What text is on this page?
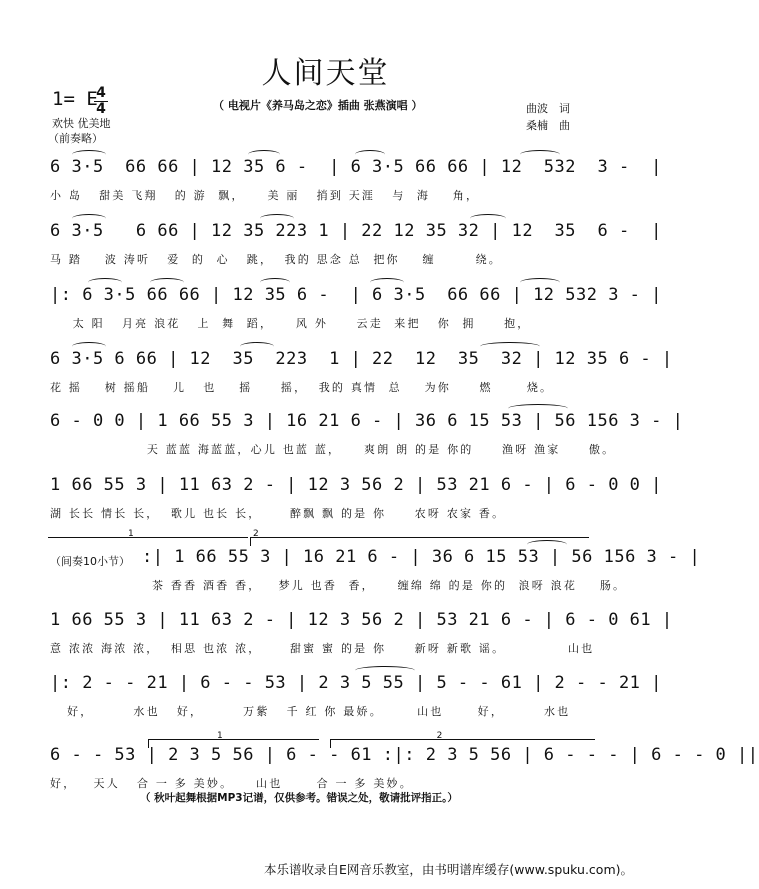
人间天堂
1= E
4
4
欢快 优美地
（前奏略）
（ 电视片《养马岛之恋》插曲 张燕演唱 ）	曲波　词
桑楠　曲
6 3·5  66 66 | 12 35 6 -  | 6 3·5 66 66 | 12  532  3 -  |
小 岛   甜美 飞翔   的 游  飘，    美 丽   捎到 天涯   与  海    角，
6 3·5   6 66 | 12 35 223 1 | 22 12 35 32 | 12  35  6 -  |
马 踏    波 涛听   爱  的  心   跳，  我的 思念 总  把你    缠       绕。
|: 6 3·5 66 66 | 12 35 6 -  | 6 3·5  66 66 | 12 532 3 - |
太 阳   月亮 浪花   上  舞  蹈，    风 外     云走  来把   你  拥     抱，
6 3·5 6 66 | 12  35  223  1 | 22  12  35  32 | 12 35 6 - |
花 摇    树 摇船    儿   也    摇     摇，  我的 真情  总    为你     燃      烧。
6 - 0 0 | 1 66 55 3 | 16 21 6 - | 36 6 15 53 | 56 156 3 - |
天 蓝蓝 海蓝蓝，心儿 也蓝 蓝，    爽朗 朗 的是 你的     渔呀 渔家     傲。
1 66 55 3 | 11 63 2 - | 12 3 56 2 | 53 21 6 - | 6 - 0 0 |
湖 长长 情长 长，  歌儿 也长 长，     醉飘 飘 的是 你     农呀 农家 香。
1	2
（间奏10小节） :| 1 66 55 3 | 16 21 6 - | 36 6 15 53 | 56 156 3 - |
茶 香香 酒香 香，   梦儿 也香  香，    缠绵 绵 的是 你的  浪呀 浪花    肠。
1 66 55 3 | 11 63 2 - | 12 3 56 2 | 53 21 6 - | 6 - 0 61 |
意 浓浓 海浓 浓，  相思 也浓 浓，     甜蜜 蜜 的是 你     新呀 新歌 谣。           山也
|: 2 - - 21 | 6 - - 53 | 2 3 5 55 | 5 - - 61 | 2 - - 21 |
好，       水也   好，       万紫   千 红 你 最娇。      山也      好，       水也
1	2
6 - - 53 | 2 3 5 56 | 6 - - 61 :|: 2 3 5 56 | 6 - - - | 6 - - 0 ||
好，   天人   合 一 多 美妙。    山也      合 一 多 美妙。
（ 秋叶起舞根据MP3记谱，仅供参考。错误之处，敬请批评指正。）
本乐谱收录自E网音乐教室，由书明谱库缓存(www.spuku.com)。
